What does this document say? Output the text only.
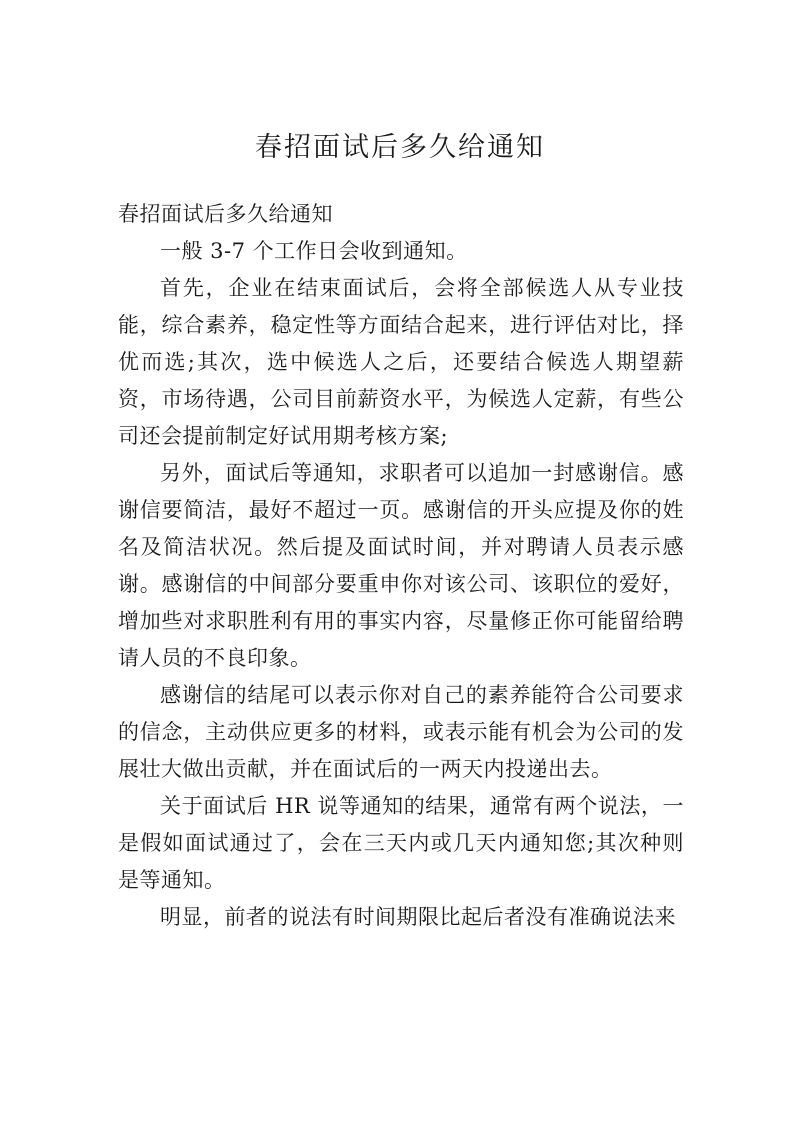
春招面试后多久给通知

春招面试后多久给通知

一般 3-7 个工作日会收到通知。

首先，企业在结束面试后，会将全部候选人从专业技能，综合素养，稳定性等方面结合起来，进行评估对比，择优而选;其次，选中候选人之后，还要结合候选人期望薪资，市场待遇，公司目前薪资水平，为候选人定薪，有些公司还会提前制定好试用期考核方案;

另外，面试后等通知，求职者可以追加一封感谢信。感谢信要简洁，最好不超过一页。感谢信的开头应提及你的姓名及简洁状况。然后提及面试时间，并对聘请人员表示感谢。感谢信的中间部分要重申你对该公司、该职位的爱好，增加些对求职胜利有用的事实内容，尽量修正你可能留给聘请人员的不良印象。

感谢信的结尾可以表示你对自己的素养能符合公司要求的信念，主动供应更多的材料，或表示能有机会为公司的发展壮大做出贡献，并在面试后的一两天内投递出去。

关于面试后 HR 说等通知的结果，通常有两个说法，一是假如面试通过了，会在三天内或几天内通知您;其次种则是等通知。

明显，前者的说法有时间期限比起后者没有准确说法来
